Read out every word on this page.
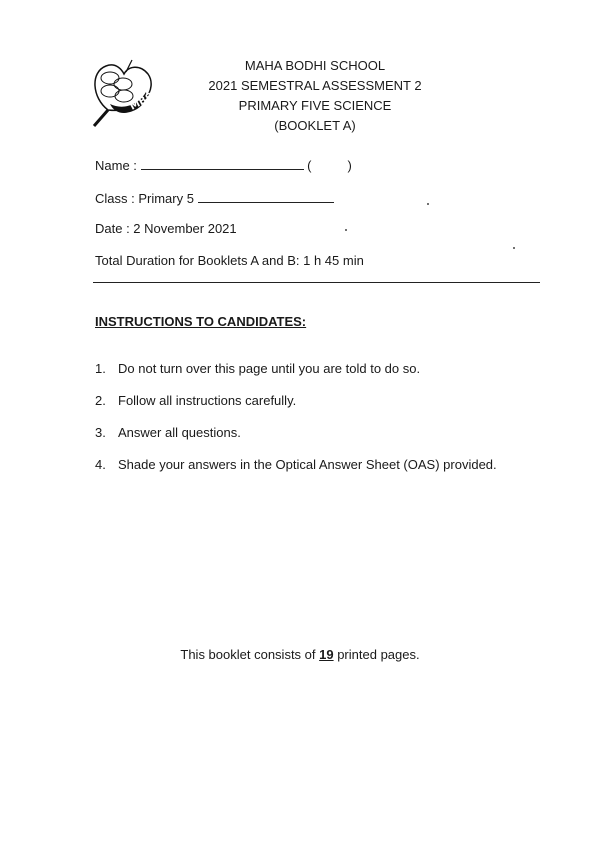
MBS
MAHA BODHI SCHOOL
2021 SEMESTRAL ASSESSMENT 2
PRIMARY FIVE SCIENCE
(BOOKLET A)
Name :	(	)
Class : Primary 5
Date : 2 November 2021
Total Duration for Booklets A and B: 1 h 45 min
INSTRUCTIONS TO CANDIDATES:
1. Do not turn over this page until you are told to do so.
2. Follow all instructions carefully.
3. Answer all questions.
4. Shade your answers in the Optical Answer Sheet (OAS) provided.
This booklet consists of 19 printed pages.
